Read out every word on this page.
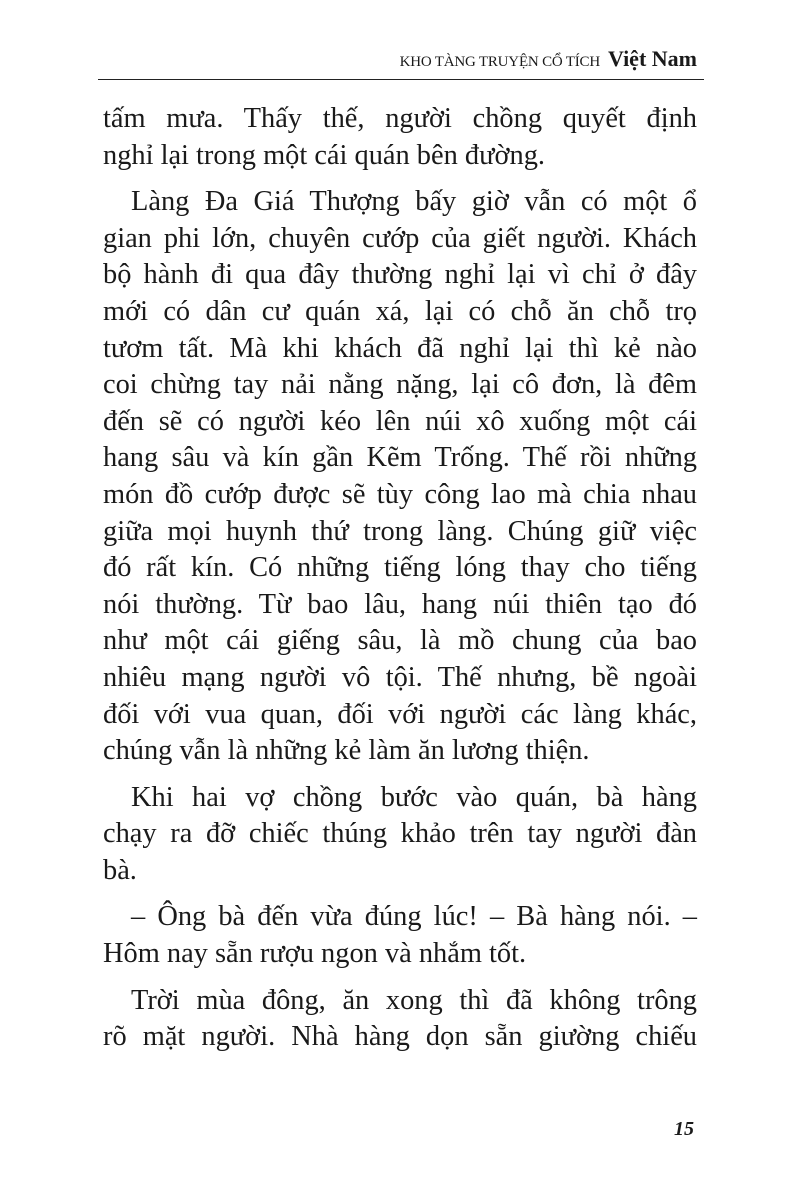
KHO TÀNG TRUYỆN CỔ TÍCH Việt Nam
tấm mưa. Thấy thế, người chồng quyết định
nghỉ lại trong một cái quán bên đường.
Làng Đa Giá Thượng bấy giờ vẫn có một ổ
gian phi lớn, chuyên cướp của giết người. Khách
bộ hành đi qua đây thường nghỉ lại vì chỉ ở đây
mới có dân cư quán xá, lại có chỗ ăn chỗ trọ
tươm tất. Mà khi khách đã nghỉ lại thì kẻ nào
coi chừng tay nải nằng nặng, lại cô đơn, là đêm
đến sẽ có người kéo lên núi xô xuống một cái
hang sâu và kín gần Kẽm Trống. Thế rồi những
món đồ cướp được sẽ tùy công lao mà chia nhau
giữa mọi huynh thứ trong làng. Chúng giữ việc
đó rất kín. Có những tiếng lóng thay cho tiếng
nói thường. Từ bao lâu, hang núi thiên tạo đó
như một cái giếng sâu, là mồ chung của bao
nhiêu mạng người vô tội. Thế nhưng, bề ngoài
đối với vua quan, đối với người các làng khác,
chúng vẫn là những kẻ làm ăn lương thiện.
Khi hai vợ chồng bước vào quán, bà hàng
chạy ra đỡ chiếc thúng khảo trên tay người đàn
bà.
– Ông bà đến vừa đúng lúc! – Bà hàng nói. –
Hôm nay sẵn rượu ngon và nhắm tốt.
Trời mùa đông, ăn xong thì đã không trông
rõ mặt người. Nhà hàng dọn sẵn giường chiếu
15
